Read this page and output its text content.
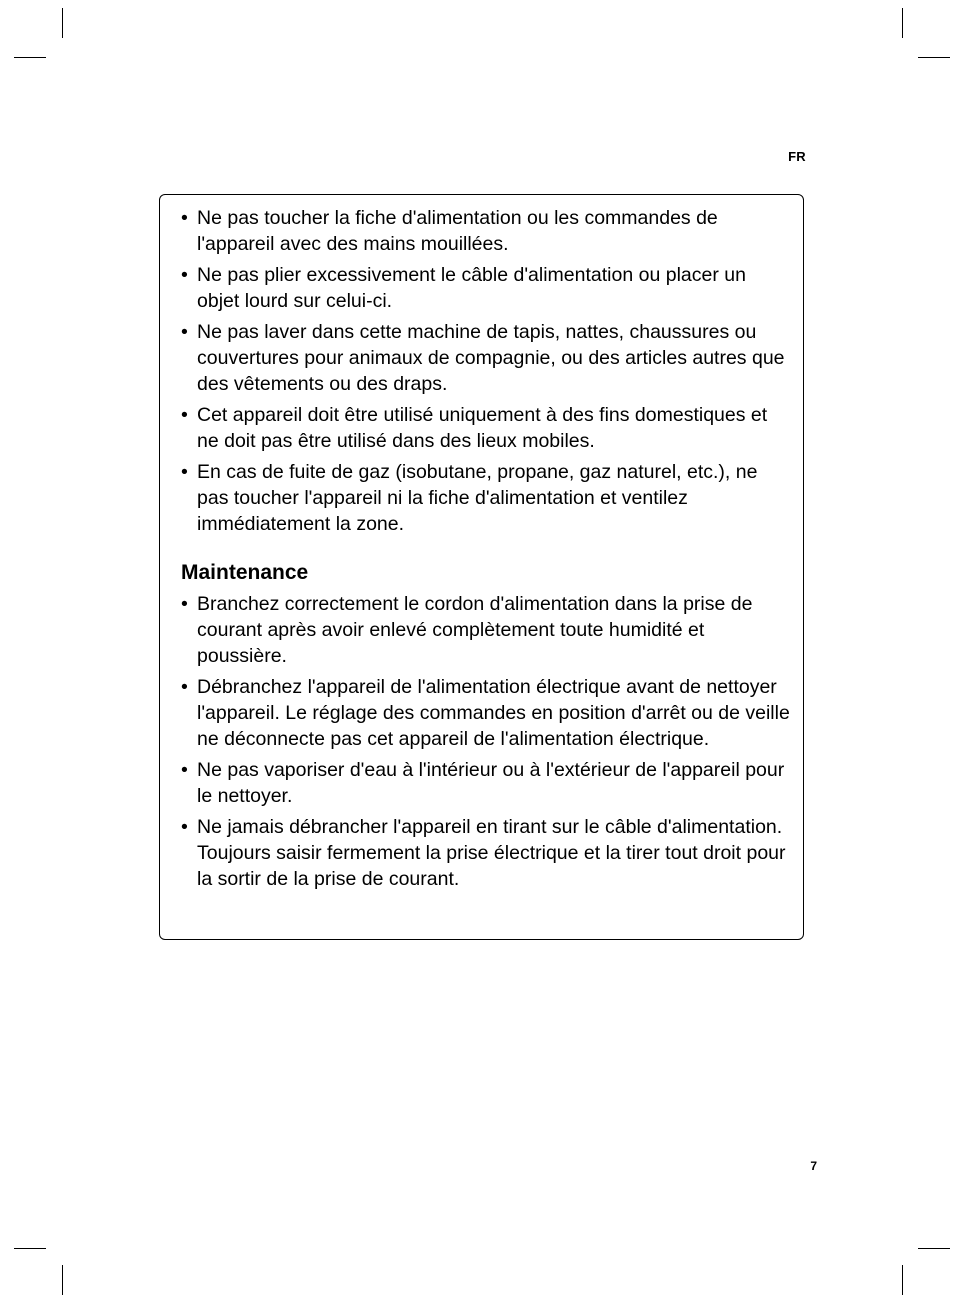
FR
• Ne pas toucher la fiche d'alimentation ou les commandes de l'appareil avec des mains mouillées.
• Ne pas plier excessivement le câble d'alimentation ou placer un objet lourd sur celui-ci.
• Ne pas laver dans cette machine de tapis, nattes, chaussures ou couvertures pour animaux de compagnie, ou des articles autres que des vêtements ou des draps.
• Cet appareil doit être utilisé uniquement à des fins domestiques et ne doit pas être utilisé dans des lieux mobiles.
• En cas de fuite de gaz (isobutane, propane, gaz naturel, etc.), ne pas toucher l'appareil ni la fiche d'alimentation et ventilez immédiatement la zone.
Maintenance
• Branchez correctement le cordon d'alimentation dans la prise de courant après avoir enlevé complètement toute humidité et poussière.
• Débranchez l'appareil de l'alimentation électrique avant de nettoyer l'appareil. Le réglage des commandes en position d'arrêt ou de veille ne déconnecte pas cet appareil de l'alimentation électrique.
• Ne pas vaporiser d'eau à l'intérieur ou à l'extérieur de l'appareil pour le nettoyer.
• Ne jamais débrancher l'appareil en tirant sur le câble d'alimentation. Toujours saisir fermement la prise électrique et la tirer tout droit pour la sortir de la prise de courant.
7
